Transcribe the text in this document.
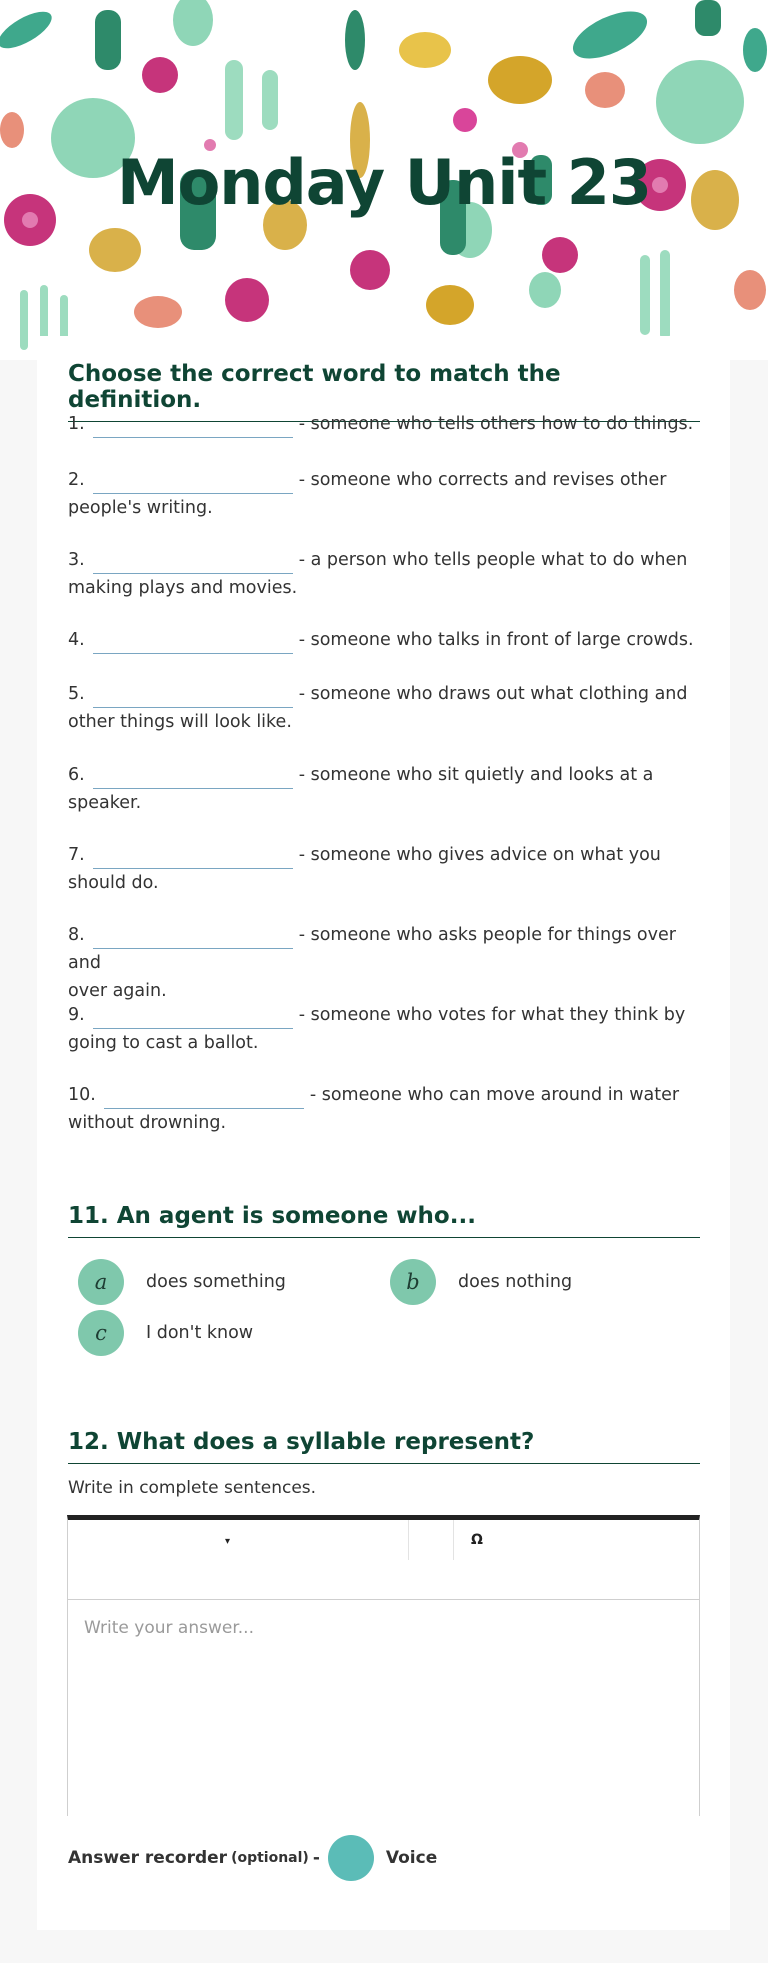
Monday Unit 23
Choose the correct word to match the definition.
1.	- someone who tells others how to do things.
2.	- someone who corrects and revises other
people's writing.
3.	- a person who tells people what to do when
making plays and movies.
4.	- someone who talks in front of large crowds.
5.	- someone who draws out what clothing and
other things will look like.
6.	- someone who sit quietly and looks at a
speaker.
7.	- someone who gives advice on what you
should do.
8.	- someone who asks people for things over and
over again.
9.	- someone who votes for what they think by
going to cast a ballot.
10.	- someone who can move around in water
without drowning.
11. An agent is someone who...
a	does something	b	does nothing
c	I don't know
12. What does a syllable represent?
Write in complete sentences.
▾	Ω
Write your answer...
Answer recorder (optional) -	Voice
